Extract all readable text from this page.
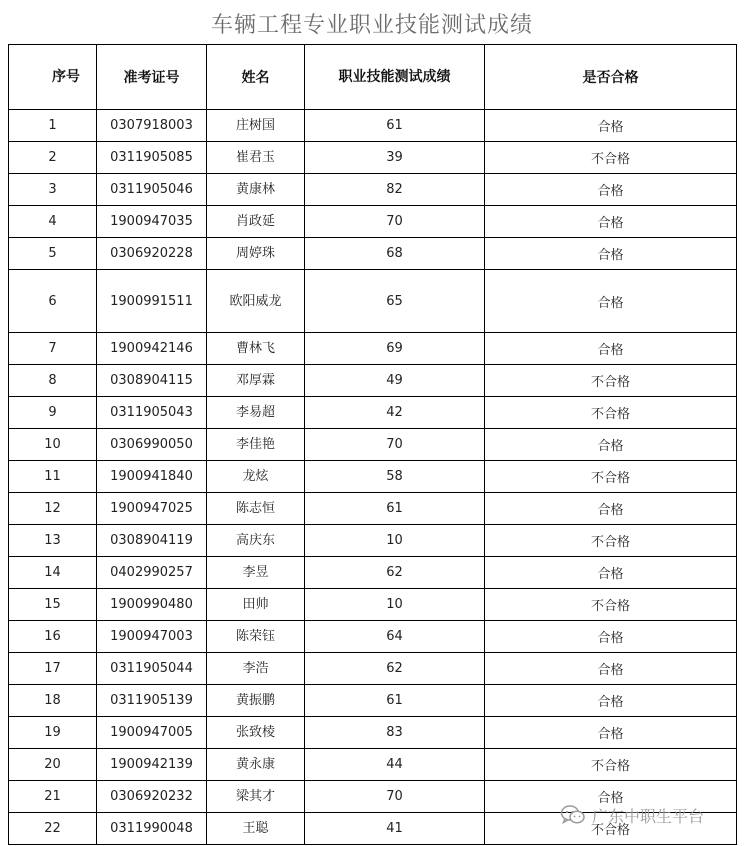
车辆工程专业职业技能测试成绩
序号	准考证号	姓名	职业技能测试成绩	是否合格
1	0307918003	庄树国	61	合格
2	0311905085	崔君玉	39	不合格
3	0311905046	黄康林	82	合格
4	1900947035	肖政延	70	合格
5	0306920228	周婷珠	68	合格
6	1900991511	欧阳威龙	65	合格
7	1900942146	曹林飞	69	合格
8	0308904115	邓厚霖	49	不合格
9	0311905043	李易超	42	不合格
10	0306990050	李佳艳	70	合格
11	1900941840	龙炫	58	不合格
12	1900947025	陈志恒	61	合格
13	0308904119	高庆东	10	不合格
14	0402990257	李昱	62	合格
15	1900990480	田帅	10	不合格
16	1900947003	陈荣钰	64	合格
17	0311905044	李浩	62	合格
18	0311905139	黄振鹏	61	合格
19	1900947005	张致棱	83	合格
20	1900942139	黄永康	44	不合格
21	0306920232	梁其才	70	合格
22	0311990048	王聪	41	不合格
广东中职生平台
